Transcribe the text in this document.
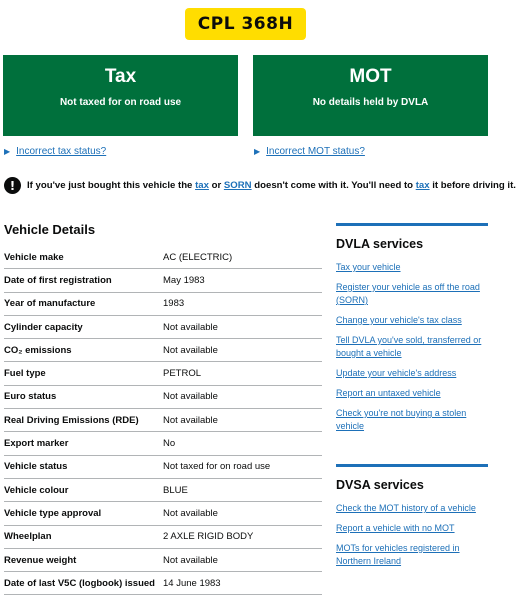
CPL 368H
Tax
Not taxed for on road use
MOT
No details held by DVLA
▶ Incorrect tax status?	▶ Incorrect MOT status?
!	If you've just bought this vehicle the tax or SORN doesn't come with it. You'll need to tax it before driving it.
Vehicle Details
Vehicle make	AC (ELECTRIC)
Date of first registration	May 1983
Year of manufacture	1983
Cylinder capacity	Not available
CO₂ emissions	Not available
Fuel type	PETROL
Euro status	Not available
Real Driving Emissions (RDE)	Not available
Export marker	No
Vehicle status	Not taxed for on road use
Vehicle colour	BLUE
Vehicle type approval	Not available
Wheelplan	2 AXLE RIGID BODY
Revenue weight	Not available
Date of last V5C (logbook) issued 14 June 1983
DVLA services
Tax your vehicle
Register your vehicle as off the road (SORN)
Change your vehicle's tax class
Tell DVLA you've sold, transferred or bought a vehicle
Update your vehicle's address
Report an untaxed vehicle
Check you're not buying a stolen vehicle
DVSA services
Check the MOT history of a vehicle
Report a vehicle with no MOT
MOTs for vehicles registered in Northern Ireland
